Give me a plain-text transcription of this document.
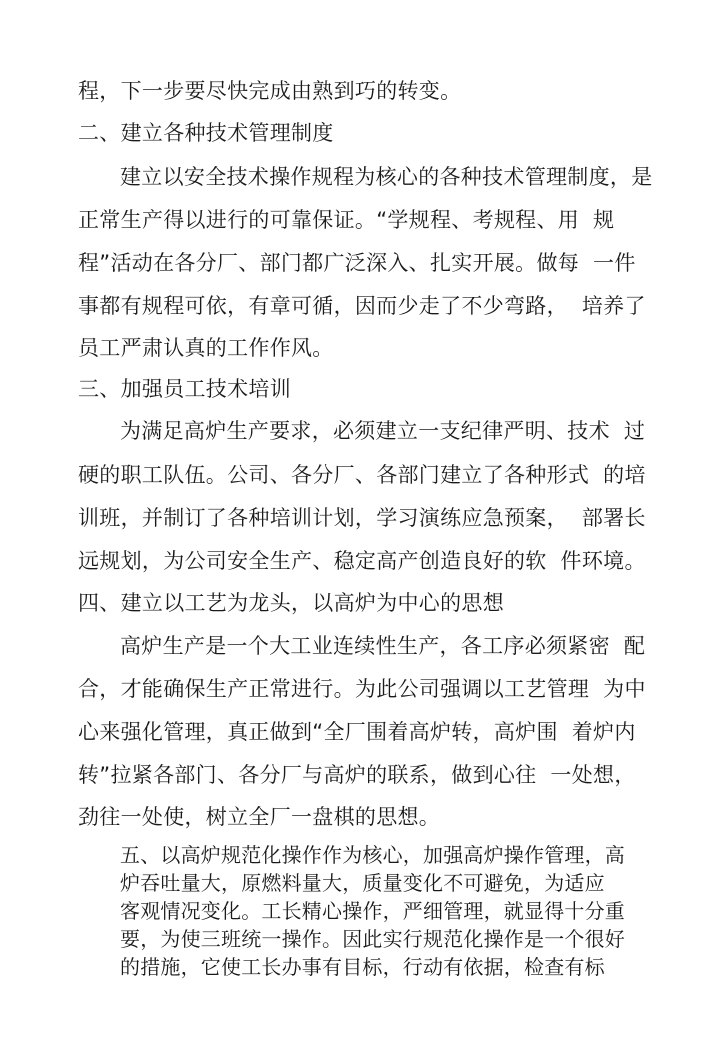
程，下一步要尽快完成由熟到巧的转变。
二、建立各种技术管理制度
建立以安全技术操作规程为核心的各种技术管理制度，是
正常生产得以进行的可靠保证。“学规程、考规程、用  规
程”活动在各分厂、部门都广泛深入、扎实开展。做每  一件
事都有规程可依，有章可循，因而少走了不少弯路，  培养了
员工严肃认真的工作作风。
三、加强员工技术培训
为满足高炉生产要求，必须建立一支纪律严明、技术  过
硬的职工队伍。公司、各分厂、各部门建立了各种形式  的培
训班，并制订了各种培训计划，学习演练应急预案，  部署长
远规划，为公司安全生产、稳定高产创造良好的软  件环境。
四、建立以工艺为龙头，以高炉为中心的思想
高炉生产是一个大工业连续性生产，各工序必须紧密  配
合，才能确保生产正常进行。为此公司强调以工艺管理  为中
心来强化管理，真正做到“全厂围着高炉转，高炉围  着炉内
转”拉紧各部门、各分厂与高炉的联系，做到心往  一处想，
劲往一处使，树立全厂一盘棋的思想。
五、以高炉规范化操作作为核心，加强高炉操作管理，高
炉吞吐量大，原燃料量大，质量变化不可避免，为适应
客观情况变化。工长精心操作，严细管理，就显得十分重
要，为使三班统一操作。因此实行规范化操作是一个很好
的措施，它使工长办事有目标，行动有依据，检查有标
